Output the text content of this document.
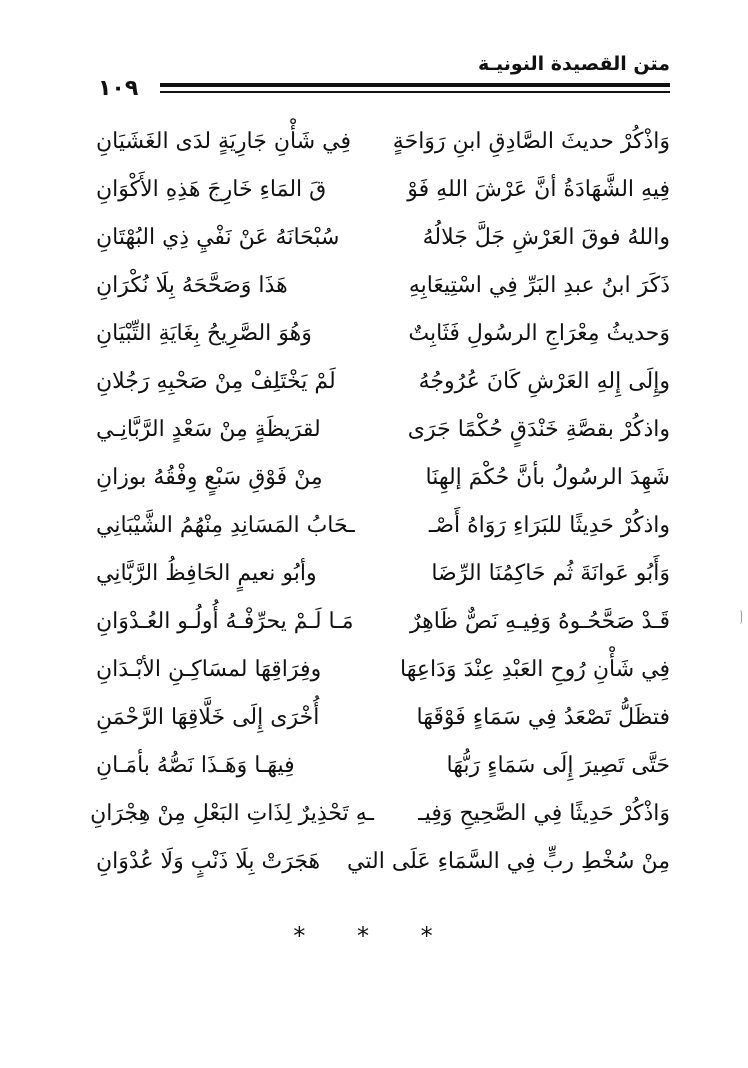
متن القصيدة النونيـة
١٠٩
وَاذْكُرْ حديثَ الصَّادِقِ ابنِ رَوَاحَةٍ
فِي شَأْنِ جَارِيَةٍ لدَى الغَشَيَانِ
فِيهِ الشَّهَادَةُ أنَّ عَرْشَ اللهِ فَوْ
قَ المَاءِ خَارِجَ هَذِهِ الأَكْوَانِ
واللهُ فوقَ العَرْشِ جَلَّ جَلالُهُ
سُبْحَانَهُ عَنْ نَفْيِ ذِي البُهْتَانِ
ذَكَرَ ابنُ عبدِ البَرِّ فِي اسْتِيعَابِهِ
هَذَا وَصَحَّحَهُ بِلَا نُكْرَانِ
وَحديثُ مِعْرَاجِ الرسُولِ فَثَابِتٌ
وَهُوَ الصَّرِيحُ بِغَايَةِ التِّبْيَانِ
وإِلَى إِلهِ العَرْشِ كَانَ عُرُوجُهُ
لَمْ يَخْتَلِفْ مِنْ صَحْبِهِ رَجُلانِ
واذكُرْ بقصَّةِ خَنْدَقٍ حُكْمًا جَرَى
لقرَيظَةٍ مِنْ سَعْدٍ الرَّبَّانِـي
شَهِدَ الرسُولُ بأنَّ حُكْمَ إلهِنَا
مِنْ فَوْقِ سَبْعٍ وِفْقُهُ بوزانِ
واذكُرْ حَدِيثًا للبَرَاءِ رَوَاهُ أَصْـ
ـحَابُ المَسَانِدِ مِنْهُمُ الشَّيْبَانِي
وَأَبُو عَوانَةَ ثُم حَاكِمُنَا الرِّضَا
وأبُو نعيمٍ الحَافِظُ الرَّبَّانِي
قَـدْ صَحَّحُـوهُ وَفِيـهِ نَصٌّ ظَاهِرٌ
مَـا لَـمْ يحرِّفْـهُ أُولُـو العُـدْوَانِ
فِي شَأْنِ رُوحِ العَبْدِ عِنْدَ وَدَاعِهَا
وفِرَاقِهَا لمسَاكِـنِ الأبْـدَانِ
فتظَلُّ تَصْعَدُ فِي سَمَاءٍ فَوْقَهَا
أُخْرَى إِلَى خَلَّاقِهَا الرَّحْمَنِ
حَتَّى تَصِيرَ إِلَى سَمَاءٍ رَبُّهَا
فِيهَـا وَهَـذَا نَصُّهُ بأمَـانِ
وَاذْكُرْ حَدِيثًا فِي الصَّحِيحِ وَفِيـ
ـهِ تَحْذِيرٌ لِذَاتِ البَعْلِ مِنْ هِجْرَانِ
مِنْ سُخْطِ ربٍّ فِي السَّمَاءِ عَلَى التي
هَجَرَتْ بِلَا ذَنْبٍ وَلَا عُدْوَانِ
* * *
